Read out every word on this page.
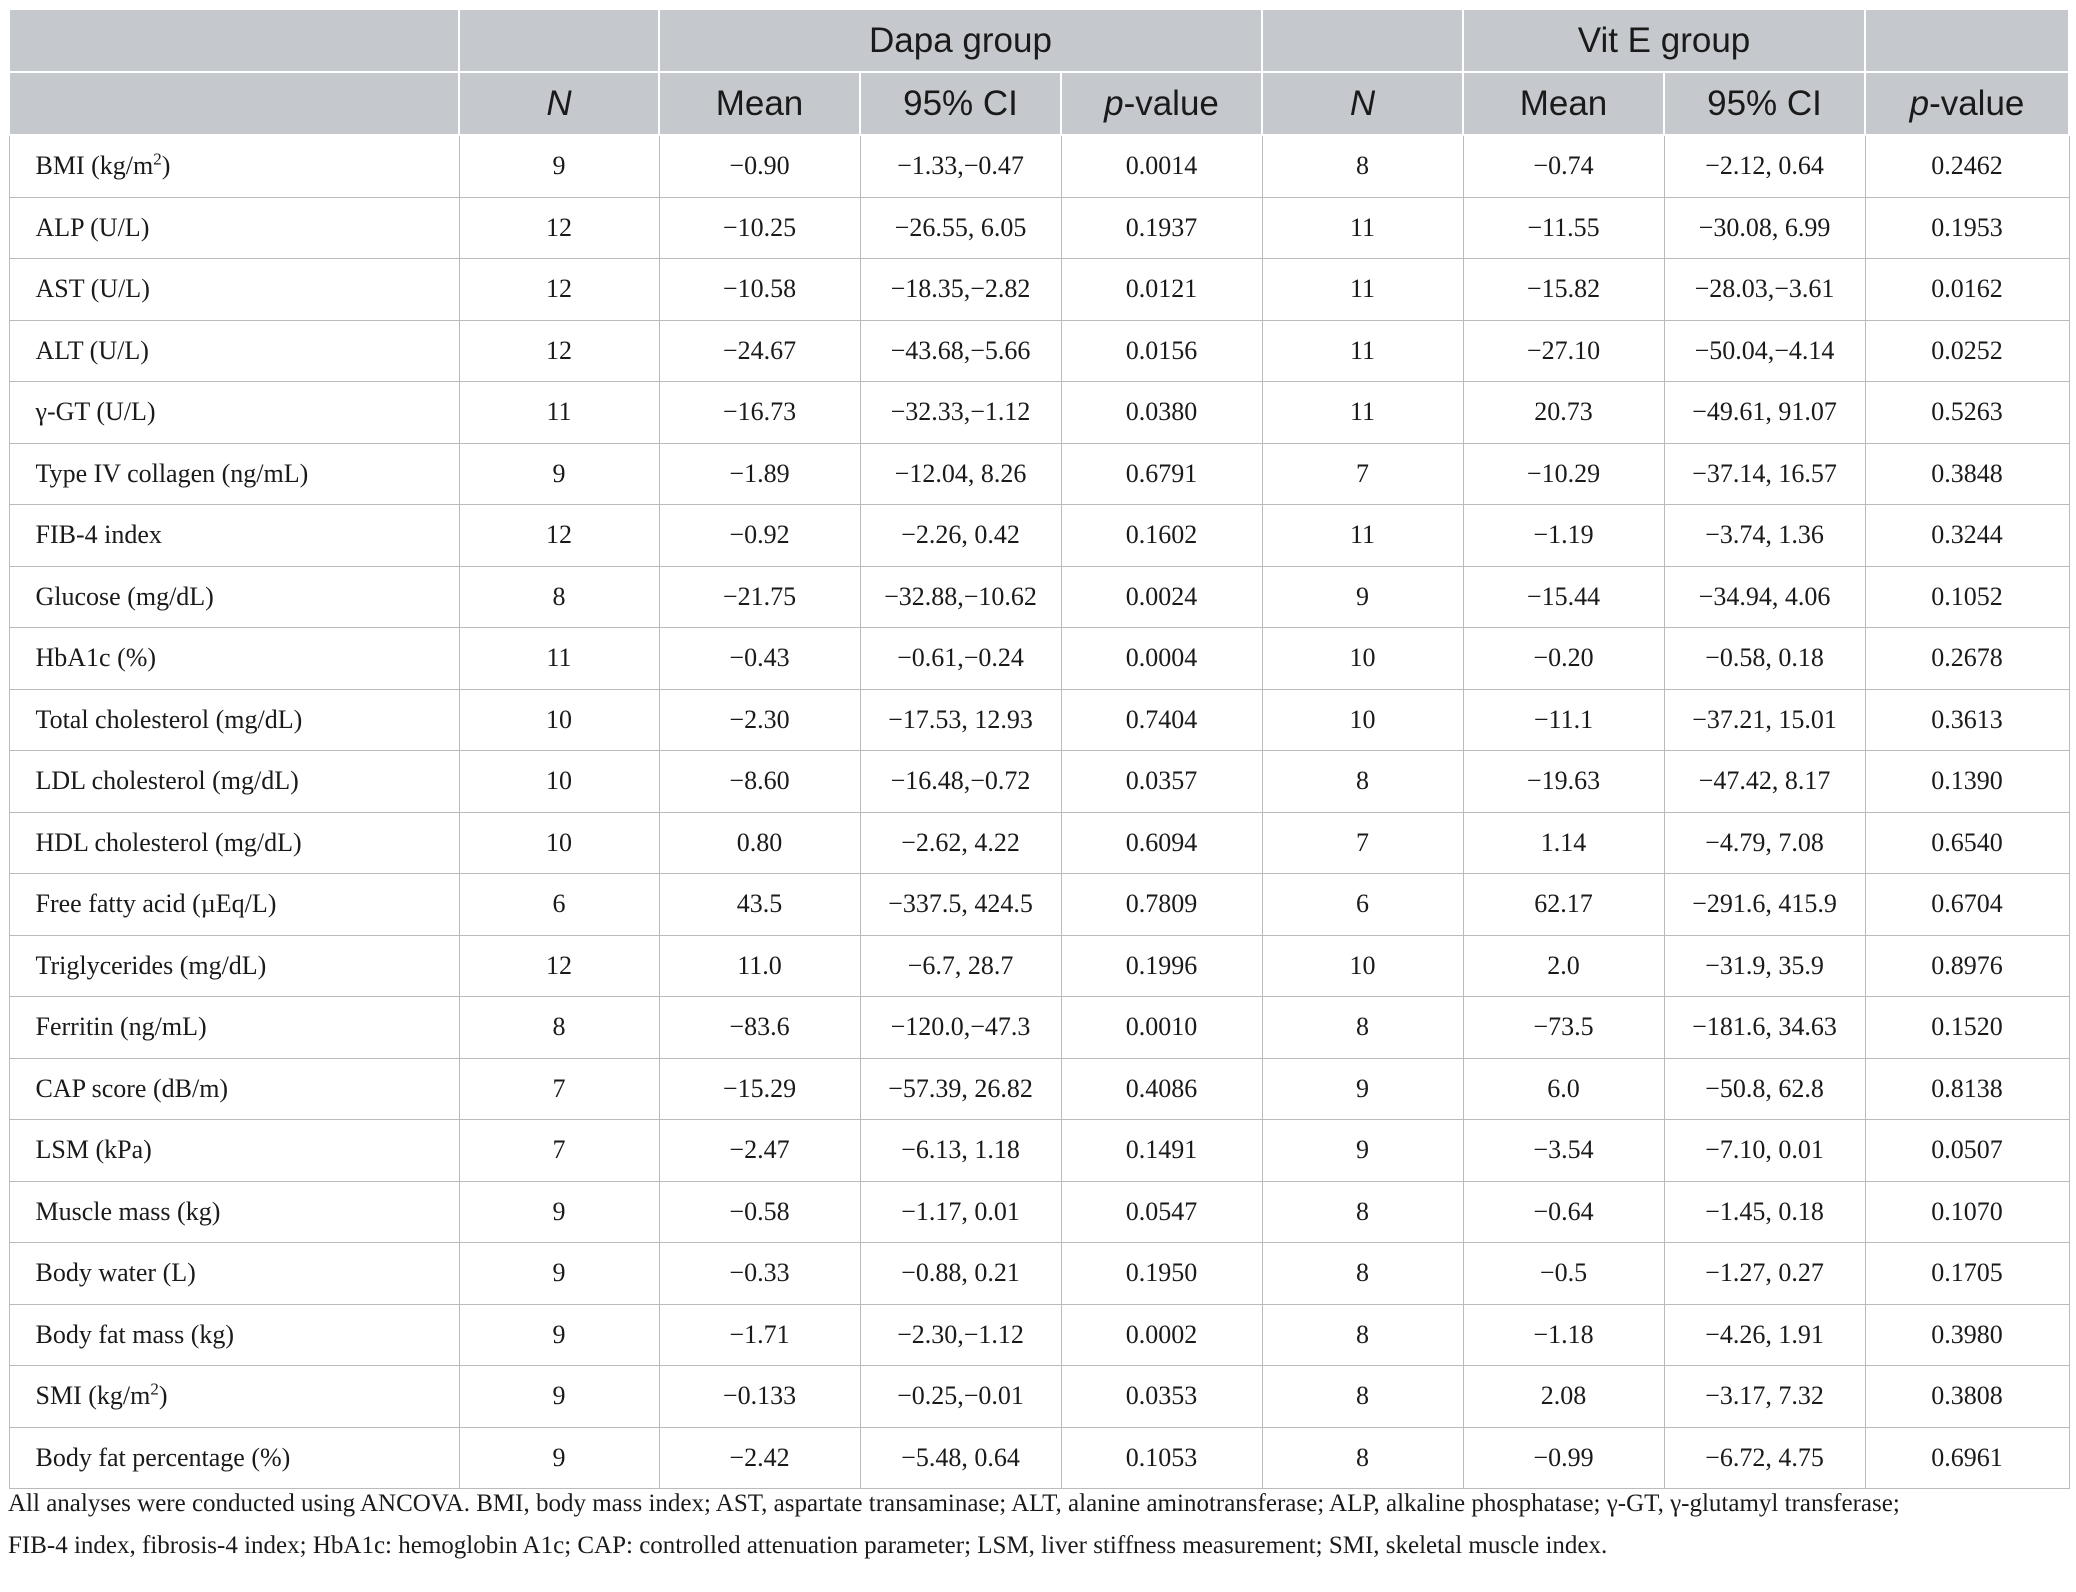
		Dapa group				Vit E group		
	N	Mean	95% CI	p-value	N	Mean	95% CI	p-value
BMI $(kg/m^2)$	9	−0.90	−1.33,−0.47	0.0014	8	−0.74	−2.12, 0.64	0.2462
ALP (U/L)	12	−10.25	−26.55, 6.05	0.1937	11	−11.55	−30.08, 6.99	0.1953
AST (U/L)	12	−10.58	−18.35,−2.82	0.0121	11	−15.82	−28.03,−3.61	0.0162
ALT (U/L)	12	−24.67	−43.68,−5.66	0.0156	11	−27.10	−50.04,−4.14	0.0252
γ-GT (U/L)	11	−16.73	−32.33,−1.12	0.0380	11	20.73	−49.61, 91.07	0.5263
Type IV collagen (ng/mL)	9	−1.89	−12.04, 8.26	0.6791	7	−10.29	−37.14, 16.57	0.3848
FIB-4 index	12	−0.92	−2.26, 0.42	0.1602	11	−1.19	−3.74, 1.36	0.3244
Glucose (mg/dL)	8	−21.75	−32.88,−10.62	0.0024	9	−15.44	−34.94, 4.06	0.1052
HbA1c (%)	11	−0.43	−0.61,−0.24	0.0004	10	−0.20	−0.58, 0.18	0.2678
Total cholesterol (mg/dL)	10	−2.30	−17.53, 12.93	0.7404	10	−11.1	−37.21, 15.01	0.3613
LDL cholesterol (mg/dL)	10	−8.60	−16.48,−0.72	0.0357	8	−19.63	−47.42, 8.17	0.1390
HDL cholesterol (mg/dL)	10	0.80	−2.62, 4.22	0.6094	7	1.14	−4.79, 7.08	0.6540
Free fatty acid (µEq/L)	6	43.5	−337.5, 424.5	0.7809	6	62.17	−291.6, 415.9	0.6704
Triglycerides (mg/dL)	12	11.0	−6.7, 28.7	0.1996	10	2.0	−31.9, 35.9	0.8976
Ferritin (ng/mL)	8	−83.6	−120.0,−47.3	0.0010	8	−73.5	−181.6, 34.63	0.1520
CAP score (dB/m)	7	−15.29	−57.39, 26.82	0.4086	9	6.0	−50.8, 62.8	0.8138
LSM (kPa)	7	−2.47	−6.13, 1.18	0.1491	9	−3.54	−7.10, 0.01	0.0507
Muscle mass (kg)	9	−0.58	−1.17, 0.01	0.0547	8	−0.64	−1.45, 0.18	0.1070
Body water (L)	9	−0.33	−0.88, 0.21	0.1950	8	−0.5	−1.27, 0.27	0.1705
Body fat mass (kg)	9	−1.71	−2.30,−1.12	0.0002	8	−1.18	−4.26, 1.91	0.3980
SMI $(kg/m^2)$	9	−0.133	−0.25,−0.01	0.0353	8	2.08	−3.17, 7.32	0.3808
Body fat percentage (%)	9	−2.42	−5.48, 0.64	0.1053	8	−0.99	−6.72, 4.75	0.6961
All analyses were conducted using ANCOVA. BMI, body mass index; AST, aspartate transaminase; ALT, alanine aminotransferase; ALP, alkaline phosphatase; γ-GT, γ-glutamyl transferase;
FIB-4 index, fibrosis-4 index; HbA1c: hemoglobin A1c; CAP: controlled attenuation parameter; LSM, liver stiffness measurement; SMI, skeletal muscle index.
